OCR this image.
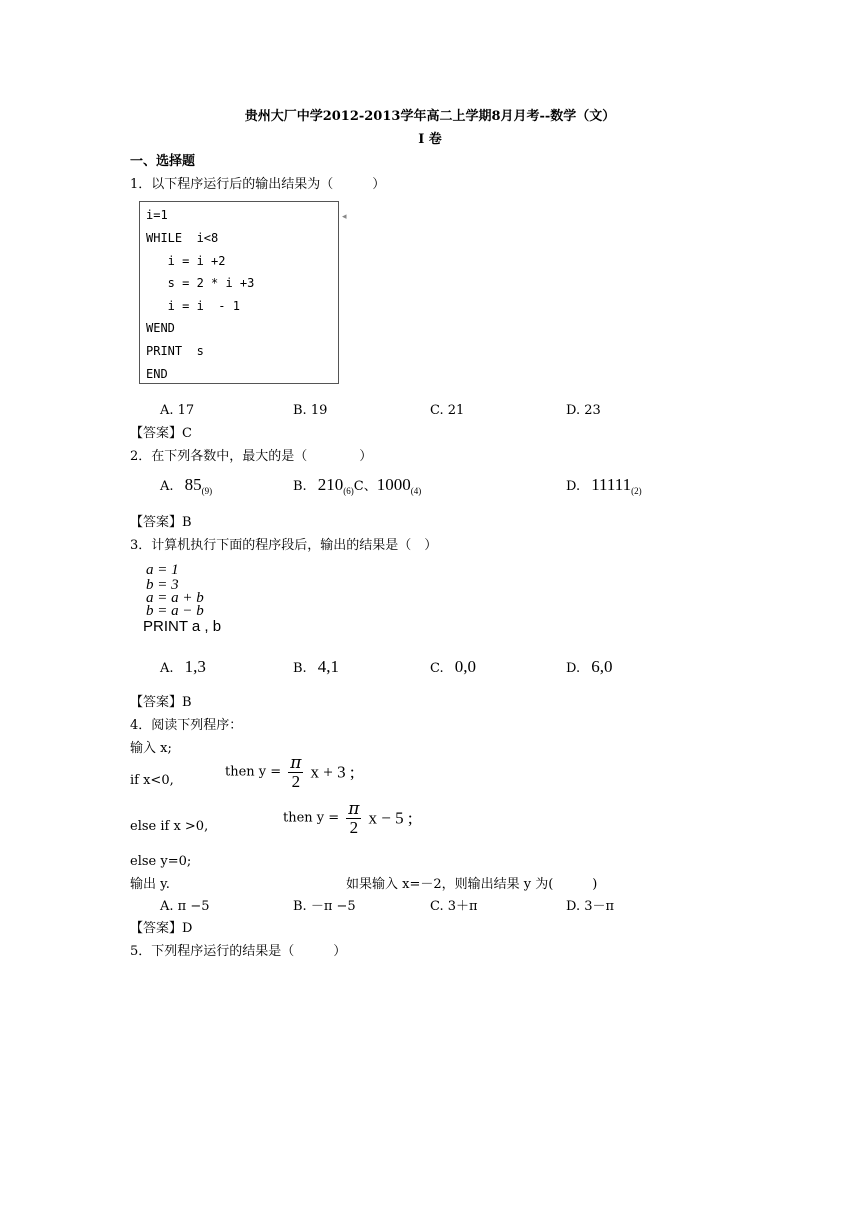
贵州大厂中学2012-2013学年高二上学期8月月考--数学（文）
I 卷
一、选择题
1．以下程序运行后的输出结果为（　　　）
i=1
WHILE  i<8
i = i +2
s = 2 * i +3
i = i  - 1
WEND
PRINT  s
END
◂
A. 17	B. 19	C. 21	D. 23
【答案】C
2．在下列各数中，最大的是（　　　　）
A. $85_{(9)}$	B. $210_{(6)}C$、$1000_{(4)}$	D. $11111_{(2)}$
【答案】B
3．计算机执行下面的程序段后，输出的结果是（　）
a = 1
b = 3
a = a + b
b = a − b
PRINT a , b
A. 1,3	B. 4,1	C. 0,0	D. 6,0
【答案】B
4．阅读下列程序：
输入 x;
if x<0,
then $y = \frac{\pi}{2}$ x + 3 ;
else if x >0,
then $y = \frac{\pi}{2}$ x − 5 ;
else y=0;
输出 y.	如果输入 x=－2，则输出结果 y 为(　　　)
A. π −5	B. －π −5	C. 3＋π	D. 3－π
【答案】D
5．下列程序运行的结果是（　　　）
